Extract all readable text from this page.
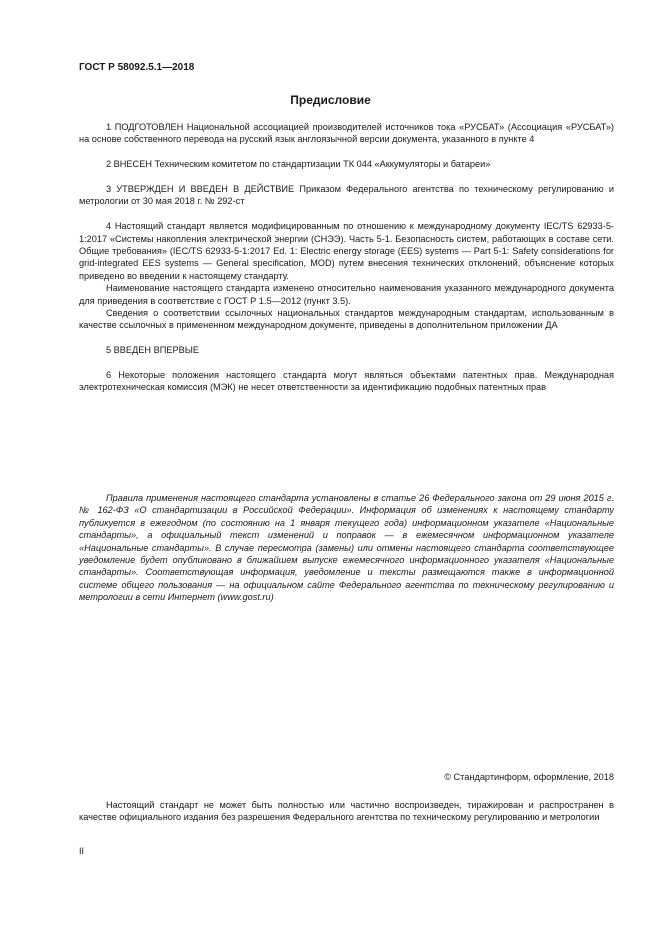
ГОСТ Р 58092.5.1—2018
Предисловие

1 ПОДГОТОВЛЕН Национальной ассоциацией производителей источников тока «РУСБАТ» (Ассоциация «РУСБАТ») на основе собственного перевода на русский язык англоязычной версии документа, указанного в пункте 4

2 ВНЕСЕН Техническим комитетом по стандартизации ТК 044 «Аккумуляторы и батареи»

3 УТВЕРЖДЕН И ВВЕДЕН В ДЕЙСТВИЕ Приказом Федерального агентства по техническому регулированию и метрологии от 30 мая 2018 г. № 292-ст

4 Настоящий стандарт является модифицированным по отношению к международному документу IEC/TS 62933-5-1:2017 «Системы накопления электрической энергии (СНЭЭ). Часть 5-1. Безопасность систем, работающих в составе сети. Общие требования» (IEC/TS 62933-5-1:2017 Ed. 1: Electric energy storage (EES) systems — Part 5-1: Safety considerations for grid-integrated EES systems — General specification, MOD) путем внесения технических отклонений, объяснение которых приведено во введении к настоящему стандарту.

Наименование настоящего стандарта изменено относительно наименования указанного международного документа для приведения в соответствие с ГОСТ Р 1.5—2012 (пункт 3.5).

Сведения о соответствии ссылочных национальных стандартов международным стандартам, использованным в качестве ссылочных в примененном международном документе, приведены в дополнительном приложении ДА

5 ВВЕДЕН ВПЕРВЫЕ

6 Некоторые положения настоящего стандарта могут являться объектами патентных прав. Международная электротехническая комиссия (МЭК) не несет ответственности за идентификацию подобных патентных прав

Правила применения настоящего стандарта установлены в статье 26 Федерального закона от 29 июня 2015 г. № 162-ФЗ «О стандартизации в Российской Федерации». Информация об изменениях к настоящему стандарту публикуется в ежегодном (по состоянию на 1 января текущего года) информационном указателе «Национальные стандарты», а официальный текст изменений и поправок — в ежемесячном информационном указателе «Национальные стандарты». В случае пересмотра (замены) или отмены настоящего стандарта соответствующее уведомление будет опубликовано в ближайшем выпуске ежемесячного информационного указателя «Национальные стандарты». Соответствующая информация, уведомление и тексты размещаются также в информационной системе общего пользования — на официальном сайте Федерального агентства по техническому регулированию и метрологии в сети Интернет (www.gost.ru)

© Стандартинформ, оформление, 2018

Настоящий стандарт не может быть полностью или частично воспроизведен, тиражирован и распространен в качестве официального издания без разрешения Федерального агентства по техническому регулированию и метрологии

II
